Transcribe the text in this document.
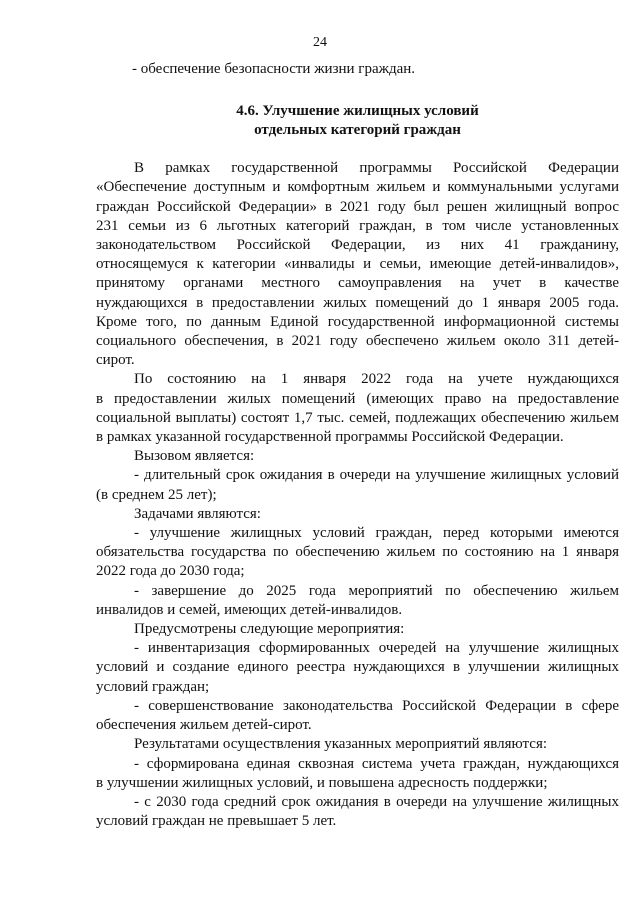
24

- обеспечение безопасности жизни граждан.

4.6. Улучшение жилищных условий
отдельных категорий граждан

В рамках государственной программы Российской Федерации

«Обеспечение доступным и комфортным жильем и коммунальными услугами

граждан Российской Федерации» в 2021 году был решен жилищный вопрос

231 семьи из 6 льготных категорий граждан, в том числе установленных

законодательством Российской Федерации, из них 41 гражданину,

относящемуся к категории «инвалиды и семьи, имеющие детей-инвалидов»,

принятому органами местного самоуправления на учет в качестве

нуждающихся в предоставлении жилых помещений до 1 января 2005 года.

Кроме того, по данным Единой государственной информационной системы

социального обеспечения, в 2021 году обеспечено жильем около 311 детей-

сирот.

По состоянию на 1 января 2022 года на учете нуждающихся

в предоставлении жилых помещений (имеющих право на предоставление

социальной выплаты) состоят 1,7 тыс. семей, подлежащих обеспечению жильем

в рамках указанной государственной программы Российской Федерации.

Вызовом является:

- длительный срок ожидания в очереди на улучшение жилищных условий

(в среднем 25 лет);

Задачами являются:

- улучшение жилищных условий граждан, перед которыми имеются

обязательства государства по обеспечению жильем по состоянию на 1 января

2022 года до 2030 года;

- завершение до 2025 года мероприятий по обеспечению жильем

инвалидов и семей, имеющих детей-инвалидов.

Предусмотрены следующие мероприятия:

- инвентаризация сформированных очередей на улучшение жилищных

условий и создание единого реестра нуждающихся в улучшении жилищных

условий граждан;

- совершенствование законодательства Российской Федерации в сфере

обеспечения жильем детей-сирот.

Результатами осуществления указанных мероприятий являются:

- сформирована единая сквозная система учета граждан, нуждающихся

в улучшении жилищных условий, и повышена адресность поддержки;

- с 2030 года средний срок ожидания в очереди на улучшение жилищных

условий граждан не превышает 5 лет.
